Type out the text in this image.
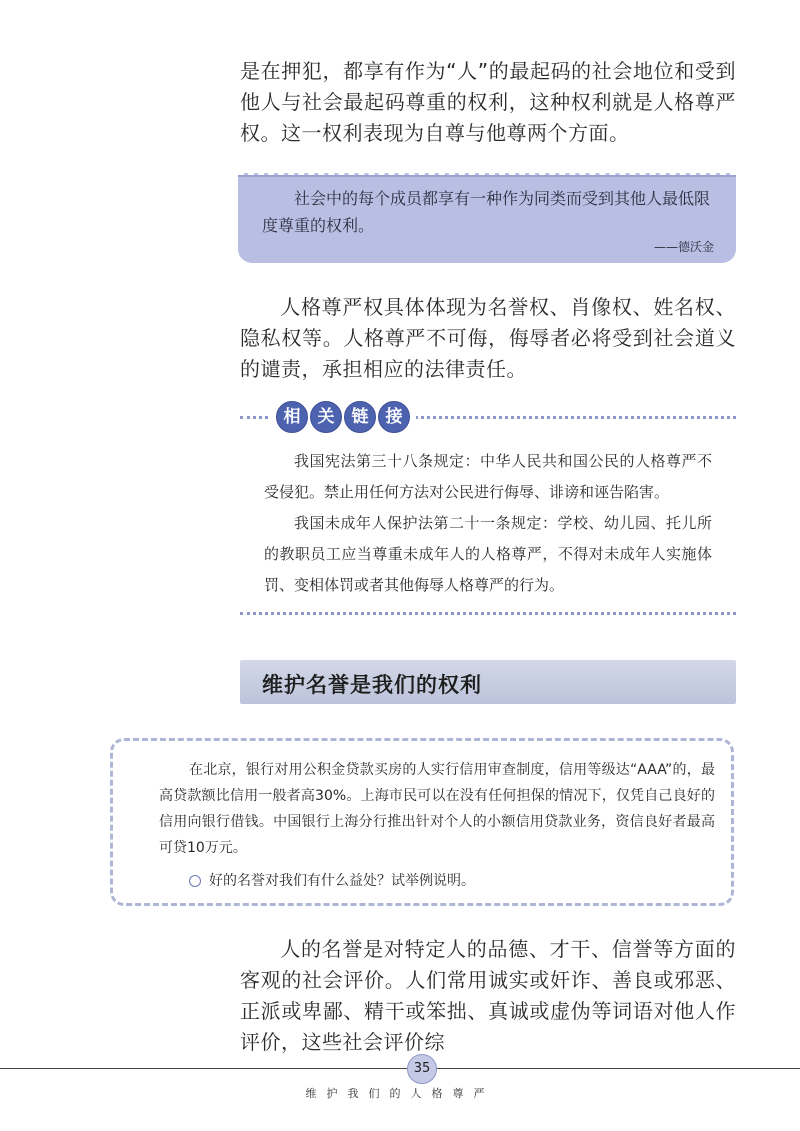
是在押犯，都享有作为“人”的最起码的社会地位和受到他人与社会最起码尊重的权利，这种权利就是人格尊严权。这一权利表现为自尊与他尊两个方面。

社会中的每个成员都享有一种作为同类而受到其他人最低限度尊重的权利。

——德沃金

人格尊严权具体体现为名誉权、肖像权、姓名权、隐私权等。人格尊严不可侮，侮辱者必将受到社会道义的谴责，承担相应的法律责任。

相	关	链	接

我国宪法第三十八条规定：中华人民共和国公民的人格尊严不受侵犯。禁止用任何方法对公民进行侮辱、诽谤和诬告陷害。

我国未成年人保护法第二十一条规定：学校、幼儿园、托儿所的教职员工应当尊重未成年人的人格尊严，不得对未成年人实施体罚、变相体罚或者其他侮辱人格尊严的行为。

维护名誉是我们的权利

在北京，银行对用公积金贷款买房的人实行信用审查制度，信用等级达“AAA”的，最高贷款额比信用一般者高30%。上海市民可以在没有任何担保的情况下，仅凭自己良好的信用向银行借钱。中国银行上海分行推出针对个人的小额信用贷款业务，资信良好者最高可贷10万元。

好的名誉对我们有什么益处？试举例说明。

人的名誉是对特定人的品德、才干、信誉等方面的客观的社会评价。人们常用诚实或奸诈、善良或邪恶、正派或卑鄙、精干或笨拙、真诚或虚伪等词语对他人作评价，这些社会评价综

35
维护我们的人格尊严
